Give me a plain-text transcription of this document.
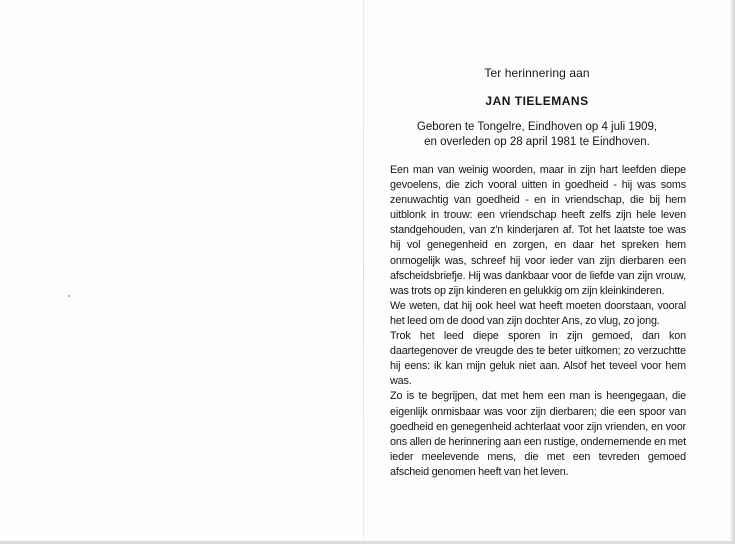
Ter herinnering aan
JAN TIELEMANS
Geboren te Tongelre, Eindhoven op 4 juli 1909,
en overleden op 28 april 1981 te Eindhoven.

Een man van weinig woorden, maar in zijn hart leefden diepe gevoelens, die zich vooral uitten in goedheid - hij was soms zenuwachtig van goedheid - en in vriendschap, die bij hem uitblonk in trouw: een vriendschap heeft zelfs zijn hele leven standgehouden, van z'n kinderjaren af. Tot het laatste toe was hij vol genegenheid en zorgen, en daar het spreken hem onmogelijk was, schreef hij voor ieder van zijn dierbaren een afscheidsbriefje. Hij was dankbaar voor de liefde van zijn vrouw, was trots op zijn kinderen en gelukkig om zijn kleinkinderen.

We weten, dat hij ook heel wat heeft moeten doorstaan, vooral het leed om de dood van zijn dochter Ans, zo vlug, zo jong.

Trok het leed diepe sporen in zijn gemoed, dan kon daartegenover de vreugde des te beter uitkomen; zo verzuchtte hij eens: ik kan mijn geluk niet aan. Alsof het teveel voor hem was.

Zo is te begrijpen, dat met hem een man is heengegaan, die eigenlijk onmisbaar was voor zijn dierbaren; die een spoor van goedheid en genegenheid achterlaat voor zijn vrienden, en voor ons allen de herinnering aan een rustige, ondernemende en met ieder meelevende mens, die met een tevreden gemoed afscheid genomen heeft van het leven.
